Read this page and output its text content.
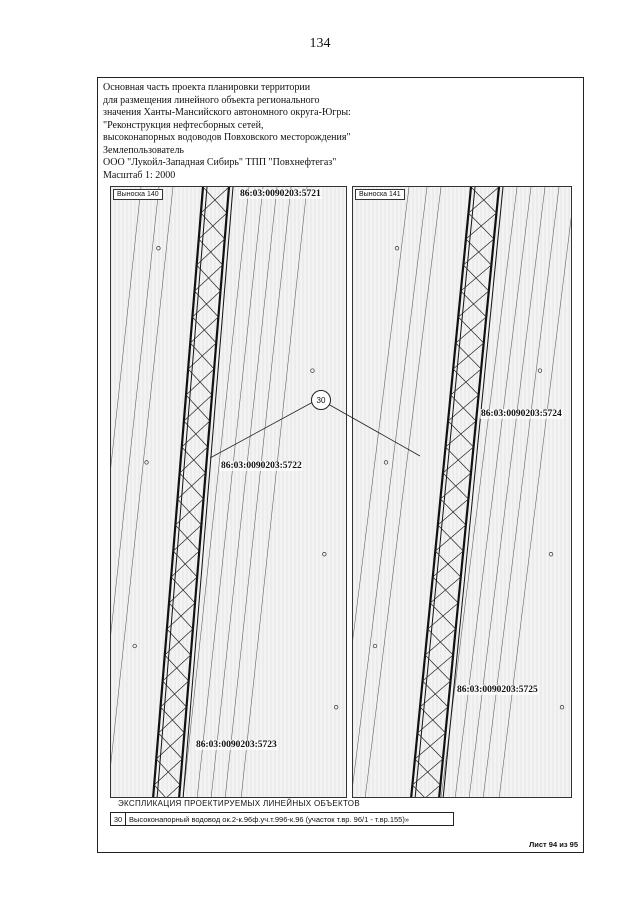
134
Основная часть проекта планировки территории
для размещения линейного объекта регионального
значения Ханты-Мансийского автономного округа-Югры:
"Реконструкция нефтесборных сетей,
высоконапорных водоводов Повховского месторождения"
Землепользователь
ООО "Лукойл-Западная Сибирь" ТПП "Повхнефтегаз"
Масштаб 1: 2000
Выноска 140	86:03:0090203:5721
86:03:0090203:5722
86:03:0090203:5723
Выноска 141
86:03:0090203:5724
86:03:0090203:5725
30
ЭКСПЛИКАЦИЯ ПРОЕКТИРУЕМЫХ ЛИНЕЙНЫХ ОБЪЕКТОВ
30 Высоконапорный водовод ок.2-к.96ф.уч.т.996-к.96 (участок т.вр. 96/1 - т.вр.155)»
Лист 94 из 95
